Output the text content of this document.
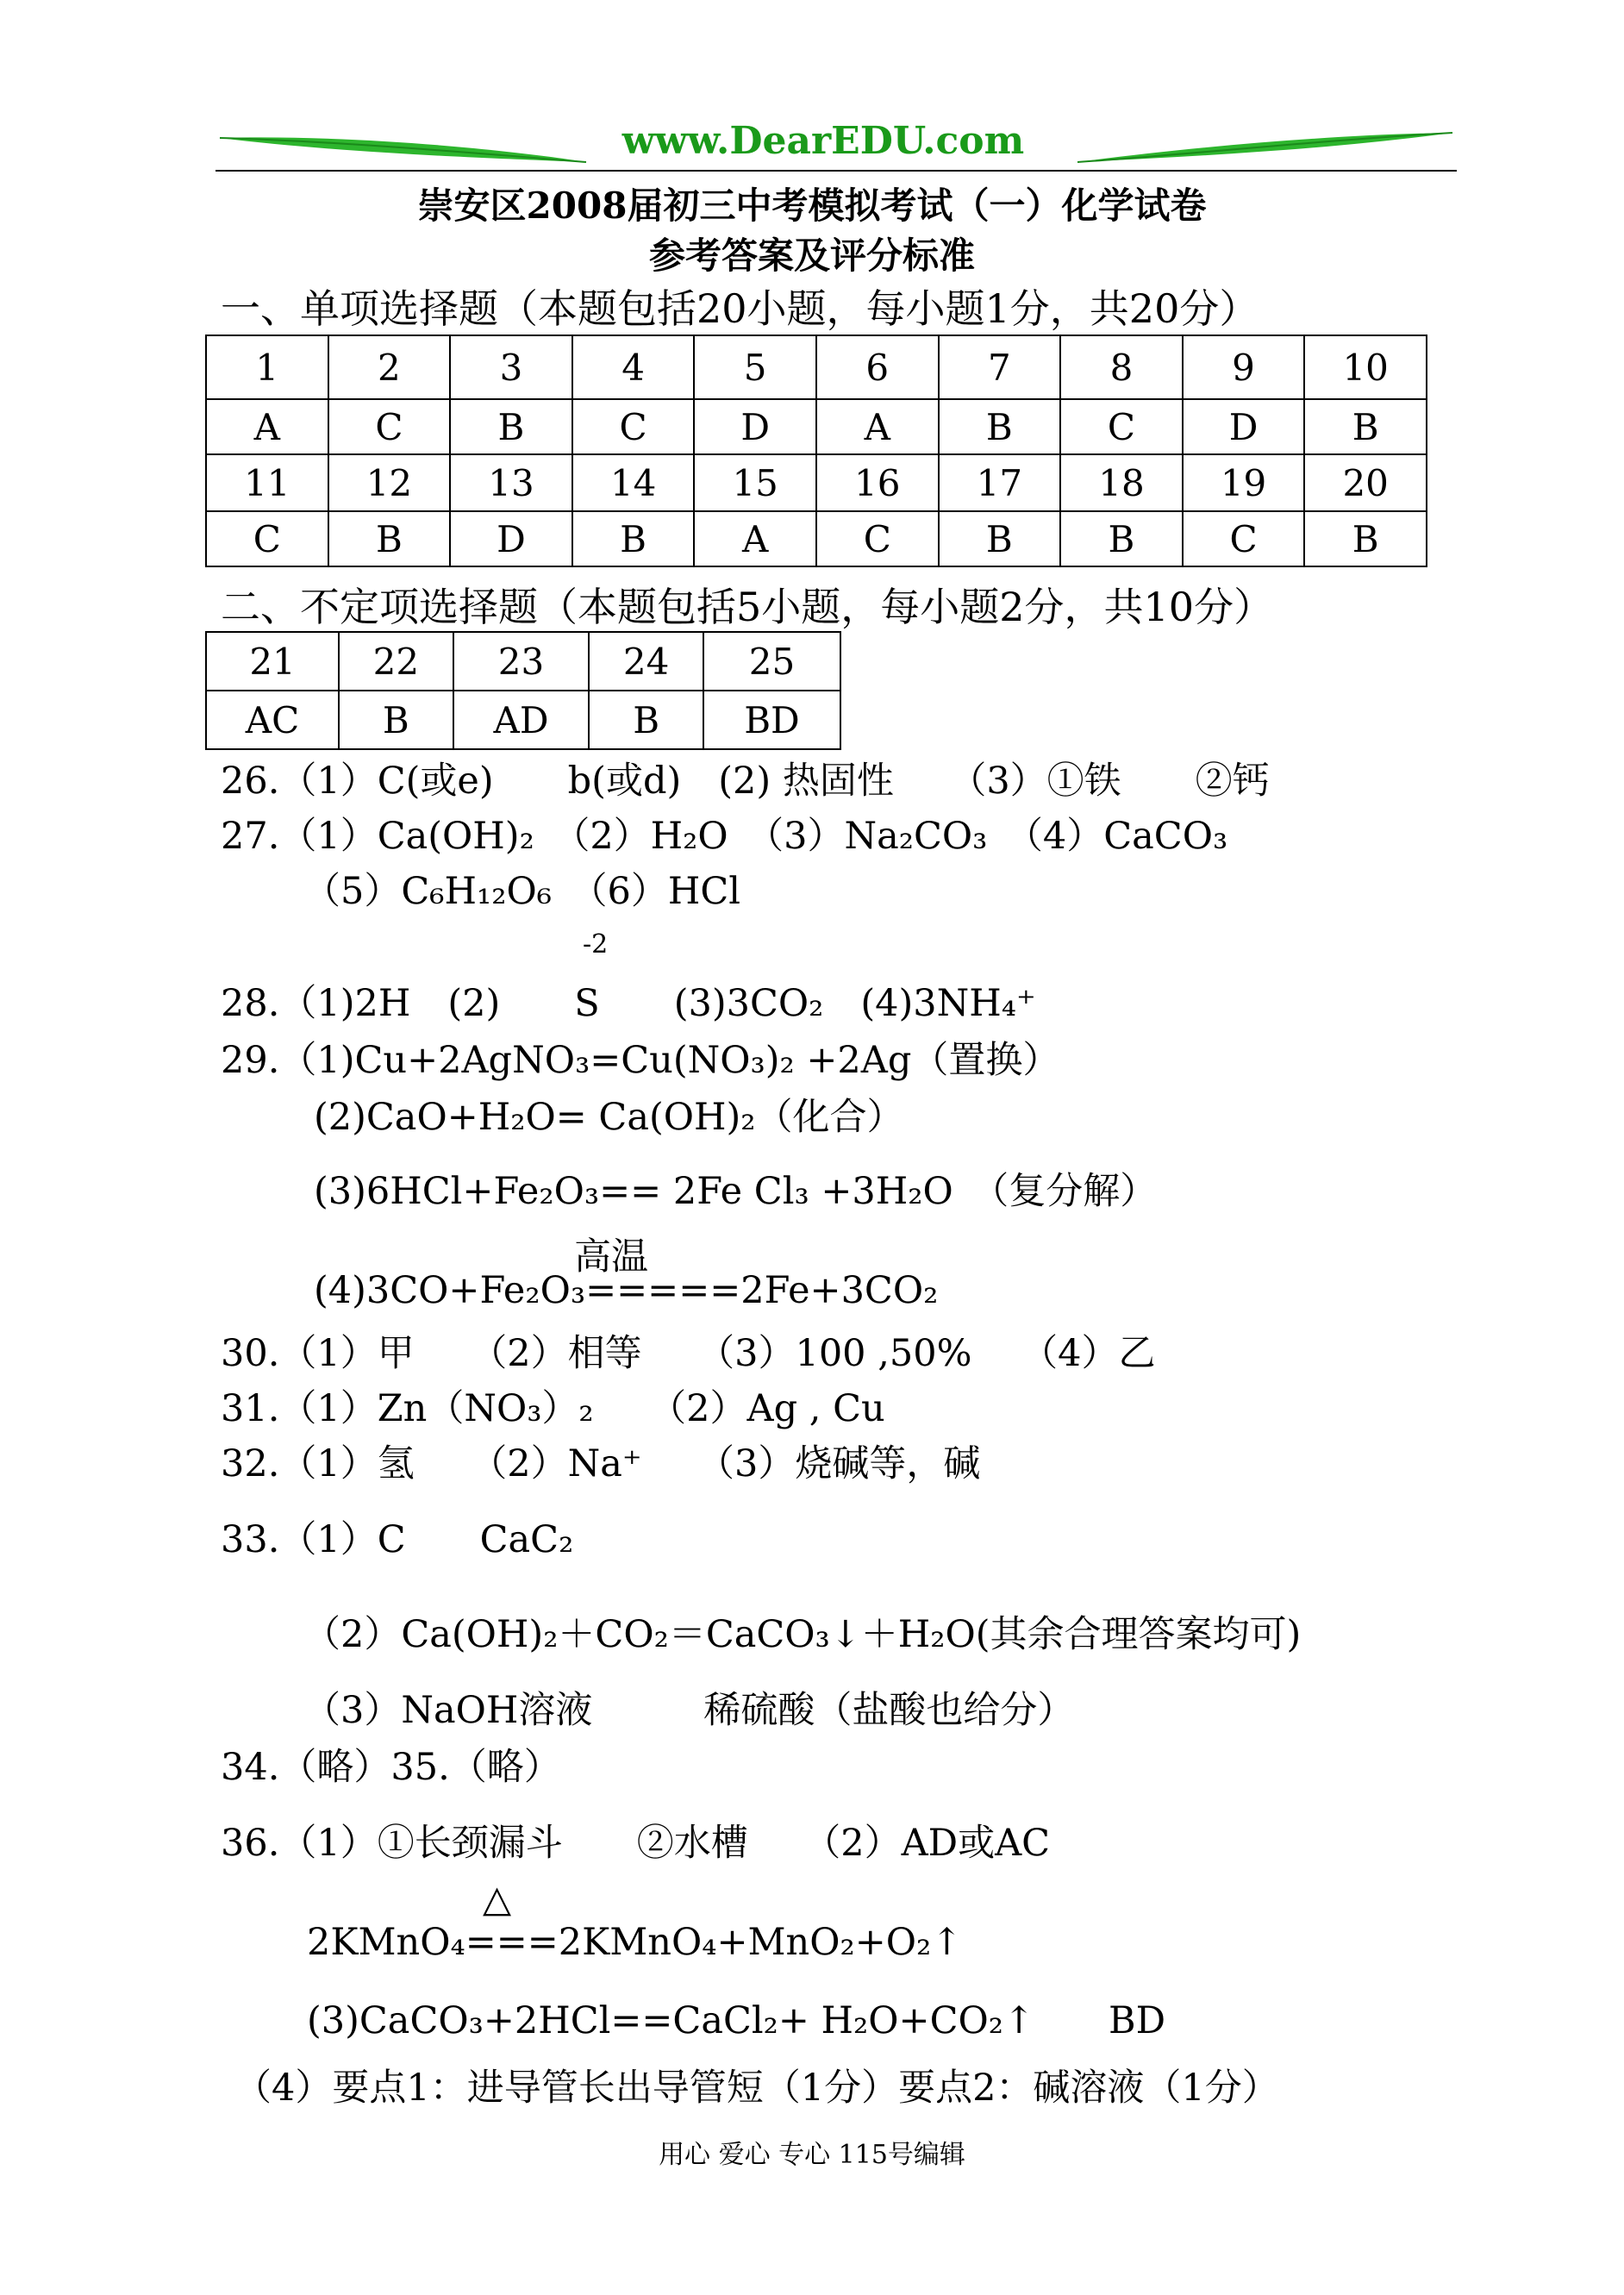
www.DearEDU.com
崇安区2008届初三中考模拟考试（一）化学试卷
参考答案及评分标准
一、单项选择题（本题包括20小题，每小题1分，共20分）
1	2	3	4	5	6	7	8	9	10
A	C	B	C	D	A	B	C	D	B
11	12	13	14	15	16	17	18	19	20
C	B	D	B	A	C	B	B	C	B
二、不定项选择题（本题包括5小题，每小题2分，共10分）
21	22	23	24	25
AC	B	AD	B	BD
26.（1）C(或e)　　b(或d)　(2) 热固性　　（3）①铁　　②钙
27.（1）Ca(OH)₂　（2）H₂O　（3）Na₂CO₃　（4）CaCO₃
（5）C₆H₁₂O₆　（6）HCl
-2
28.（1)2H　(2)　　S　　(3)3CO₂　(4)3NH₄⁺
29.（1)Cu+2AgNO₃=Cu(NO₃)₂ +2Ag（置换）
(2)CaO+H₂O= Ca(OH)₂（化合）
(3)6HCl+Fe₂O₃== 2Fe Cl₃ +3H₂O　（复分解）
高温
(4)3CO+Fe₂O₃=====2Fe+3CO₂
30.（1）甲　　（2）相等　　（3）100 ,50%　 （4）乙
31.（1）Zn（NO₃）₂　　（2）Ag , Cu
32.（1）氢　　（2）Na⁺　　（3）烧碱等，碱
33.（1）C　　CaC₂
（2）Ca(OH)₂＋CO₂＝CaCO₃↓＋H₂O(其余合理答案均可)
（3）NaOH溶液　　　稀硫酸（盐酸也给分）
34.（略）35.（略）
36.（1）①长颈漏斗　　②水槽　　（2）AD或AC
△
2KMnO₄===2KMnO₄+MnO₂+O₂↑
(3)CaCO₃+2HCl==CaCl₂+ H₂O+CO₂↑　　BD
（4）要点1：进导管长出导管短（1分）要点2：碱溶液（1分）
用心 爱心 专心 115号编辑
